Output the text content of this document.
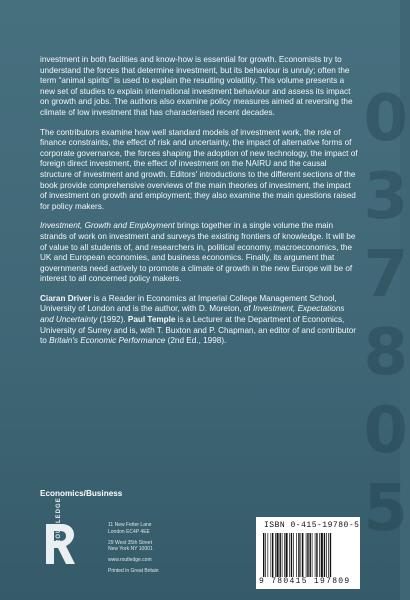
0
3
7
8
0
5

investment in both facilities and know-how is essential for growth. Economists try to understand the forces that determine investment, but its behaviour is unruly; often the term “animal spirits” is used to explain the resulting volatility. This volume presents a new set of studies to explain international investment behaviour and assess its impact on growth and jobs. The authors also examine policy measures aimed at reversing the climate of low investment that has characterised recent decades.

The contributors examine how well standard models of investment work, the role of finance constraints, the effect of risk and uncertainty, the impact of alternative forms of corporate governance, the forces shaping the adoption of new technology, the impact of foreign direct investment, the effect of investment on the NAIRU and the causal structure of investment and growth. Editors' introductions to the different sections of the book provide comprehensive overviews of the main theories of investment, the impact of investment on growth and employment; they also examine the main questions raised for policy makers.

Investment, Growth and Employment brings together in a single volume the main strands of work on investment and surveys the existing frontiers of knowledge. It will be of value to all students of, and researchers in, political economy, macroeconomics, the UK and European economies, and business economics. Finally, its argument that governments need actively to promote a climate of growth in the new Europe will be of interest to all concerned policy makers.

Ciaran Driver is a Reader in Economics at Imperial College Management School, University of London and is the author, with D. Moreton, of Investment, Expectations and Uncertainty (1992). Paul Temple is a Lecturer at the Department of Economics, University of Surrey and is, with T. Buxton and P. Chapman, an editor of and contributor to Britain's Economic Performance (2nd Ed., 1998).

Economics/Business
ROUTLEDGE	11 New Fetter Lane
London EC4P 4EE
29 West 35th Street
New York NY 10001
www.routledge.com
Printed in Great Britain
ISBN 0-415-19780-5
9 780415 197809
